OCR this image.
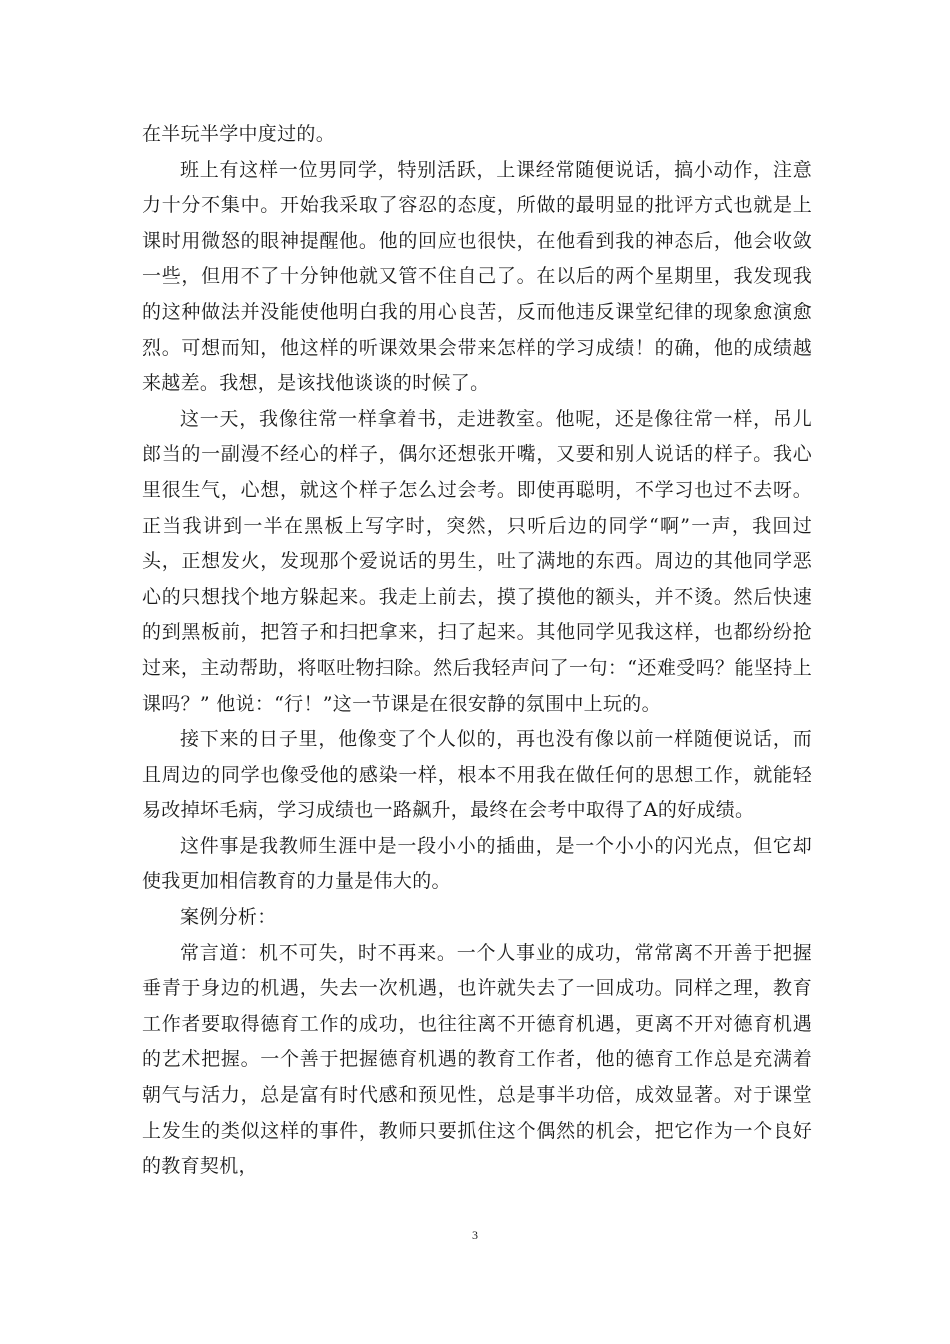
在半玩半学中度过的。

班上有这样一位男同学，特别活跃，上课经常随便说话，搞小动作，注意力十分不集中。开始我采取了容忍的态度，所做的最明显的批评方式也就是上课时用微怒的眼神提醒他。他的回应也很快，在他看到我的神态后，他会收敛一些，但用不了十分钟他就又管不住自己了。在以后的两个星期里，我发现我的这种做法并没能使他明白我的用心良苦，反而他违反课堂纪律的现象愈演愈烈。可想而知，他这样的听课效果会带来怎样的学习成绩！的确，他的成绩越来越差。我想，是该找他谈谈的时候了。

这一天，我像往常一样拿着书，走进教室。他呢，还是像往常一样，吊儿郎当的一副漫不经心的样子，偶尔还想张开嘴，又要和别人说话的样子。我心里很生气，心想，就这个样子怎么过会考。即使再聪明，不学习也过不去呀。正当我讲到一半在黑板上写字时，突然，只听后边的同学“啊”一声，我回过头，正想发火，发现那个爱说话的男生，吐了满地的东西。周边的其他同学恶心的只想找个地方躲起来。我走上前去，摸了摸他的额头，并不烫。然后快速的到黑板前，把笤子和扫把拿来，扫了起来。其他同学见我这样，也都纷纷抢过来，主动帮助，将呕吐物扫除。然后我轻声问了一句：“还难受吗？能坚持上课吗？” 他说：“行！”这一节课是在很安静的氛围中上玩的。

接下来的日子里，他像变了个人似的，再也没有像以前一样随便说话，而且周边的同学也像受他的感染一样，根本不用我在做任何的思想工作，就能轻易改掉坏毛病，学习成绩也一路飙升，最终在会考中取得了A的好成绩。

这件事是我教师生涯中是一段小小的插曲，是一个小小的闪光点，但它却使我更加相信教育的力量是伟大的。

案例分析：

常言道：机不可失，时不再来。一个人事业的成功，常常离不开善于把握垂青于身边的机遇，失去一次机遇，也许就失去了一回成功。同样之理，教育工作者要取得德育工作的成功，也往往离不开德育机遇，更离不开对德育机遇的艺术把握。一个善于把握德育机遇的教育工作者，他的德育工作总是充满着朝气与活力，总是富有时代感和预见性，总是事半功倍，成效显著。对于课堂上发生的类似这样的事件，教师只要抓住这个偶然的机会，把它作为一个良好的教育契机，

3
